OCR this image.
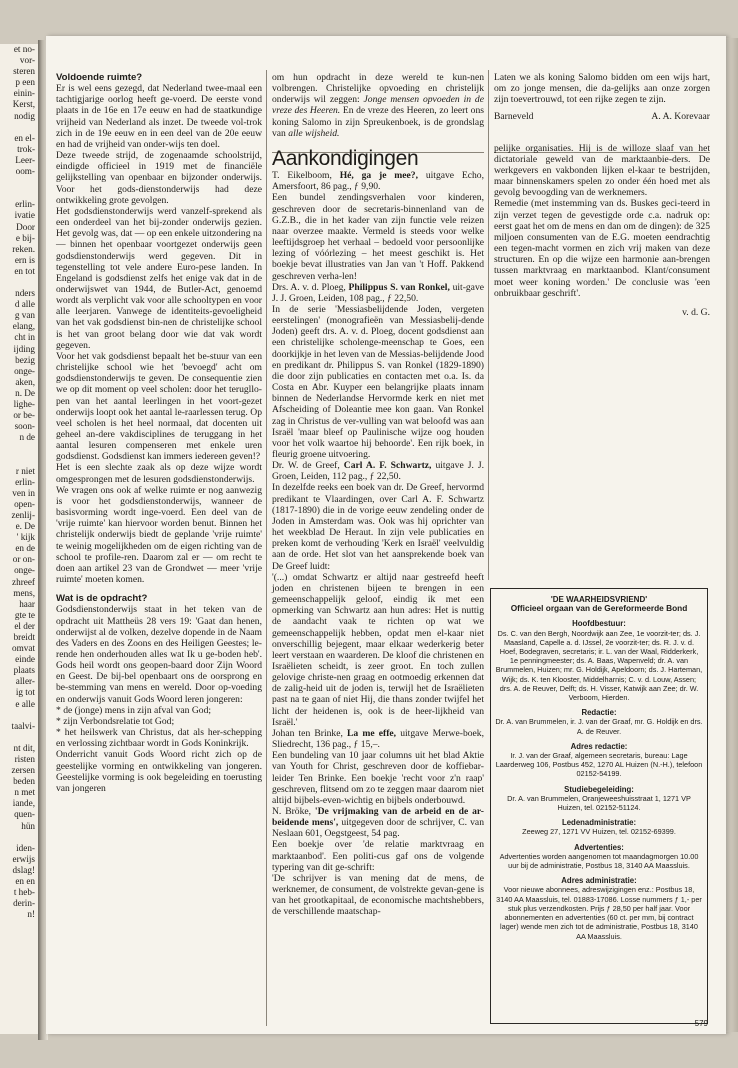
et no-
vor-
steren
p een
einin-
Kerst,
nodig

en el-
trok-
Leer-
oom-

erlin-
ivatie
Door
e bij-
reken.
ern is
en tot

nders
d alle
g van
elang,
cht in
ijding
bezig
onge-
aken,
n. De
lighe-
or be-
soon-
n de

r niet
erlin-
ven in
open-
zenlij-
e. De
' kijk
en de
or on-
onge-
zhreef
mens,
haar
gte te
el der
breidt
omvat
einde
plaats
aller-
ig tot
e alle

taalvi-

nt dit,
risten
zersen
beden
n met
iande,
quen-
hün

iden-
erwijs
dslag!
en en
t heb-
derin-
n!

Voldoende ruimte?

Er is wel eens gezegd, dat Nederland twee-maal een tachtigjarige oorlog heeft ge-voerd. De eerste vond plaats in de 16e en 17e eeuw en had de staatkundige vrijheid van Nederland als inzet. De tweede vol-trok zich in de 19e eeuw en in een deel van de 20e eeuw en had de vrijheid van onder-wijs ten doel.

Deze tweede strijd, de zogenaamde schoolstrijd, eindigde officieel in 1919 met de financiële gelijkstelling van openbaar en bijzonder onderwijs. Voor het gods-dienstonderwijs had deze ontwikkeling grote gevolgen.

Het godsdienstonderwijs werd vanzelf-sprekend als een onderdeel van het bij-zonder onderwijs gezien. Het gevolg was, dat — op een enkele uitzondering na — binnen het openbaar voortgezet onderwijs geen godsdienstonderwijs werd gegeven. Dit in tegenstelling tot vele andere Euro-pese landen. In Engeland is godsdienst zelfs het enige vak dat in de onderwijswet van 1944, de Butler-Act, genoemd wordt als verplicht vak voor alle schooltypen en voor alle leerjaren. Vanwege de identiteits-gevoeligheid van het vak godsdienst bin-nen de christelijke school is het van groot belang door wie dat vak wordt gegeven.

Voor het vak godsdienst bepaalt het be-stuur van een christelijke school wie het 'bevoegd' acht om godsdienstonderwijs te geven. De consequentie zien we op dit moment op veel scholen: door het terugllo-pen van het aantal leerlingen in het voort-gezet onderwijs loopt ook het aantal le-raarlessen terug. Op veel scholen is het heel normaal, dat docenten uit geheel an-dere vakdisciplines de teruggang in het aantal lesuren compenseren met enkele uren godsdienst. Godsdienst kan immers iedereen geven!?

Het is een slechte zaak als op deze wijze wordt omgesprongen met de lesuren godsdienstonderwijs.

We vragen ons ook af welke ruimte er nog aanwezig is voor het godsdienstonderwijs, wanneer de basisvorming wordt inge-voerd. Een deel van de 'vrije ruimte' kan hiervoor worden benut. Binnen het christelijk onderwijs biedt de geplande 'vrije ruimte' te weinig mogelijkheden om de eigen richting van de school te profile-ren. Daarom zal er — om recht te doen aan artikel 23 van de Grondwet — meer 'vrije ruimte' moeten komen.

Wat is de opdracht?

Godsdienstonderwijs staat in het teken van de opdracht uit Mattheüs 28 vers 19: 'Gaat dan henen, onderwijst al de volken, dezelve dopende in de Naam des Vaders en des Zoons en des Heiligen Geestes; le-rende hen onderhouden alles wat Ik u ge-boden heb'. Gods heil wordt ons geopen-baard door Zijn Woord en Geest. De bij-bel openbaart ons de oorsprong en be-stemming van mens en wereld. Door op-voeding en onderwijs vanuit Gods Woord leren jongeren:

* de (jonge) mens in zijn afval van God;

* zijn Verbondsrelatie tot God;

* het heilswerk van Christus, dat als her-schepping en verlossing zichtbaar wordt in Gods Koninkrijk.

Onderricht vanuit Gods Woord richt zich op de geestelijke vorming en ontwikkeling van jongeren. Geestelijke vorming is ook begeleiding en toerusting van jongeren

om hun opdracht in deze wereld te kun-nen volbrengen. Christelijke opvoeding en christelijk onderwijs wil zeggen: Jonge mensen opvoeden in de vreze des Heeren. En de vreze des Heeren, zo leert ons koning Salomo in zijn Spreukenboek, is de grondslag van alle wijsheid.

Aankondigingen

T. Eikelboom, Hé, ga je mee?, uitgave Echo, Amersfoort, 86 pag., ƒ 9,90.

Een bundel zendingsverhalen voor kinderen, geschreven door de secretaris-binnenland van de G.Z.B., die in het kader van zijn functie vele reizen naar overzee maakte. Vermeld is steeds voor welke leeftijdsgroep het verhaal – bedoeld voor persoonlijke lezing of vóórlezing – het meest geschikt is. Het boekje bevat illustraties van Jan van 't Hoff. Pakkend geschreven verha-len!

Drs. A. v. d. Ploeg, Philippus S. van Ronkel, uit-gave J. J. Groen, Leiden, 108 pag., ƒ 22,50.

In de serie 'Messiasbelijdende Joden, vergeten eerstelingen' (monografieën van Messiasbelij-dende Joden) geeft drs. A. v. d. Ploeg, docent godsdienst aan een christelijke scholenge-meenschap te Goes, een doorkijkje in het leven van de Messias-belijdende Jood en predikant dr. Philippus S. van Ronkel (1829-1890) die door zijn publicaties en contacten met o.a. Is. da Costa en Abr. Kuyper een belangrijke plaats innam binnen de Nederlandse Hervormde kerk en niet met Afscheiding of Doleantie mee kon gaan. Van Ronkel zag in Christus de ver-vulling van wat beloofd was aan Israël 'maar bleef op Paulinische wijze oog houden voor het volk waartoe hij behoorde'. Een rijk boek, in fleurig groene uitvoering.

Dr. W. de Greef, Carl A. F. Schwartz, uitgave J. J. Groen, Leiden, 112 pag., ƒ 22,50.

In dezelfde reeks een boek van dr. De Greef, hervormd predikant te Vlaardingen, over Carl A. F. Schwartz (1817-1890) die in de vorige eeuw zendeling onder de Joden in Amsterdam was. Ook was hij oprichter van het weekblad De Heraut. In zijn vele publicaties en preken komt de verhouding 'Kerk en Israël' veelvuldig aan de orde. Het slot van het aansprekende boek van De Greef luidt:

'(...) omdat Schwartz er altijd naar gestreefd heeft joden en christenen bijeen te brengen in een gemeenschappelijk geloof, eindig ik met een opmerking van Schwartz aan hun adres: Het is nuttig de aandacht vaak te richten op wat we gemeenschappelijk hebben, opdat men el-kaar niet onverschillig bejegent, maar elkaar wederkerig beter leert verstaan en waarderen. De kloof die christenen en Israëlieten scheidt, is zeer groot. En toch zullen gelovige christe-nen graag en ootmoedig erkennen dat de zalig-heid uit de joden is, terwijl het de Israëlieten past na te gaan of niet Hij, die thans zonder twijfel het licht der heidenen is, ook is de heer-lijkheid van Israël.'

Johan ten Brinke, La me effe, uitgave Merwe-boek, Sliedrecht, 136 pag., ƒ 15,–.

Een bundeling van 10 jaar columns uit het blad Aktie van Youth for Christ, geschreven door de koffiebar-leider Ten Brinke. Een boekje 'recht voor z'n raap' geschreven, flitsend om zo te zeggen maar daarom niet altijd bijbels-even-wichtig en bijbels onderbouwd.

N. Bröke, 'De vrijmaking van de arbeid en de ar-beidende mens', uitgegeven door de schrijver, C. van Neslaan 601, Oegstgeest, 54 pag.

Een boekje over 'de relatie marktvraag en marktaanbod'. Een politi-cus gaf ons de volgende typering van dit ge-schrift:

'De schrijver is van mening dat de mens, de werknemer, de consument, de volstrekte gevan-gene is van het grootkapitaal, de economische machtshebbers, de verschillende maatschap-

Laten we als koning Salomo bidden om een wijs hart, om zo jonge mensen, die da-gelijks aan onze zorgen zijn toevertrouwd, tot een rijke zegen te zijn.

Barneveld	A. A. Korevaar

pelijke organisaties. Hij is de willoze slaaf van het dictatoriale geweld van de marktaanbie-ders. De werkgevers en vakbonden lijken el-kaar te bestrijden, maar binnenskamers spelen zo onder één hoed met als gevolg bevoogding van de werknemers.

Remedie (met instemming van ds. Buskes geci-teerd in zijn verzet tegen de gevestigde orde c.a. nadruk op: eerst gaat het om de mens en dan om de dingen): de 325 miljoen consumenten van de E.G. moeten eendrachtig een tegen-macht vormen en zich vrij maken van deze structuren. En op die wijze een harmonie aan-brengen tussen marktvraag en marktaanbod. Klant/consument moet weer koning worden.' De conclusie was 'een onbruikbaar geschrift'.

v. d. G.

'DE WAARHEIDSVRIEND'

Officieel orgaan van de Gereformeerde Bond

Hoofdbestuur:

Ds. C. van den Bergh, Noordwijk aan Zee, 1e voorzit-ter; ds. J. Maasland, Capelle a. d. IJssel, 2e voorzit-ter; ds. R. J. v. d. Hoef, Bodegraven, secretaris; ir. L. van der Waal, Ridderkerk, 1e penningmeester; ds. A. Baas, Wapenveld; dr. A. van Brummelen, Huizen; mr. G. Holdijk, Apeldoorn; ds. J. Harteman, Wijk; ds. K. ten Klooster, Middelharnis; C. v. d. Louw, Assen; drs. A. de Reuver, Delft; ds. H. Visser, Katwijk aan Zee; dr. W. Verboom, Hierden.

Redactie:

Dr. A. van Brummelen, ir. J. van der Graaf, mr. G. Holdijk en drs. A. de Reuver.

Adres redactie:

Ir. J. van der Graaf, algemeen secretaris, bureau: Lage Laarderweg 106, Postbus 452, 1270 AL Huizen (N.-H.), telefoon 02152-54199.

Studiebegeleiding:

Dr. A. van Brummelen, Oranjeweeshuisstraat 1, 1271 VP Huizen, tel. 02152-51124.

Ledenadministratie:

Zeeweg 27, 1271 VV Huizen, tel. 02152-69399.

Advertenties:

Advertenties worden aangenomen tot maandagmorgen 10.00 uur bij de administratie, Postbus 18, 3140 AA Maassluis.

Adres administratie:

Voor nieuwe abonnees, adreswijzigingen enz.: Postbus 18, 3140 AA Maassluis, tel. 01883-17086. Losse nummers ƒ 1,- per stuk plus verzendkosten. Prijs ƒ 28,50 per half jaar. Voor abonnementen en advertenties (60 ct. per mm, bij contract lager) wende men zich tot de administratie, Postbus 18, 3140 AA Maassluis.

579
